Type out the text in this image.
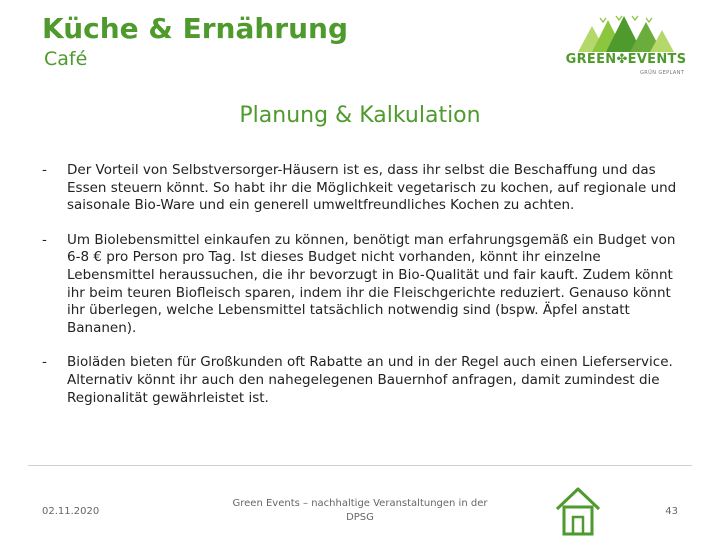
Küche & Ernährung
Café	GREEN✤EVENTS
GRÜN GEPLANT
Planung & Kalkulation
- Der Vorteil von Selbstversorger-Häusern ist es, dass ihr selbst die Beschaffung und das Essen steuern könnt. So habt ihr die Möglichkeit vegetarisch zu kochen, auf regionale und saisonale Bio-Ware und ein generell umweltfreundliches Kochen zu achten.
- Um Biolebensmittel einkaufen zu können, benötigt man erfahrungsgemäß ein Budget von 6-8 € pro Person pro Tag. Ist dieses Budget nicht vorhanden, könnt ihr einzelne Lebensmittel heraussuchen, die ihr bevorzugt in Bio-Qualität und fair kauft. Zudem könnt ihr beim teuren Biofleisch sparen, indem ihr die Fleischgerichte reduziert. Genauso könnt ihr überlegen, welche Lebensmittel tatsächlich notwendig sind (bspw. Äpfel anstatt Bananen).
- Bioläden bieten für Großkunden oft Rabatte an und in der Regel auch einen Lieferservice. Alternativ könnt ihr auch den nahegelegenen Bauernhof anfragen, damit zumindest die Regionalität gewährleistet ist.
02.11.2020
Green Events – nachhaltige Veranstaltungen in der DPSG
43
